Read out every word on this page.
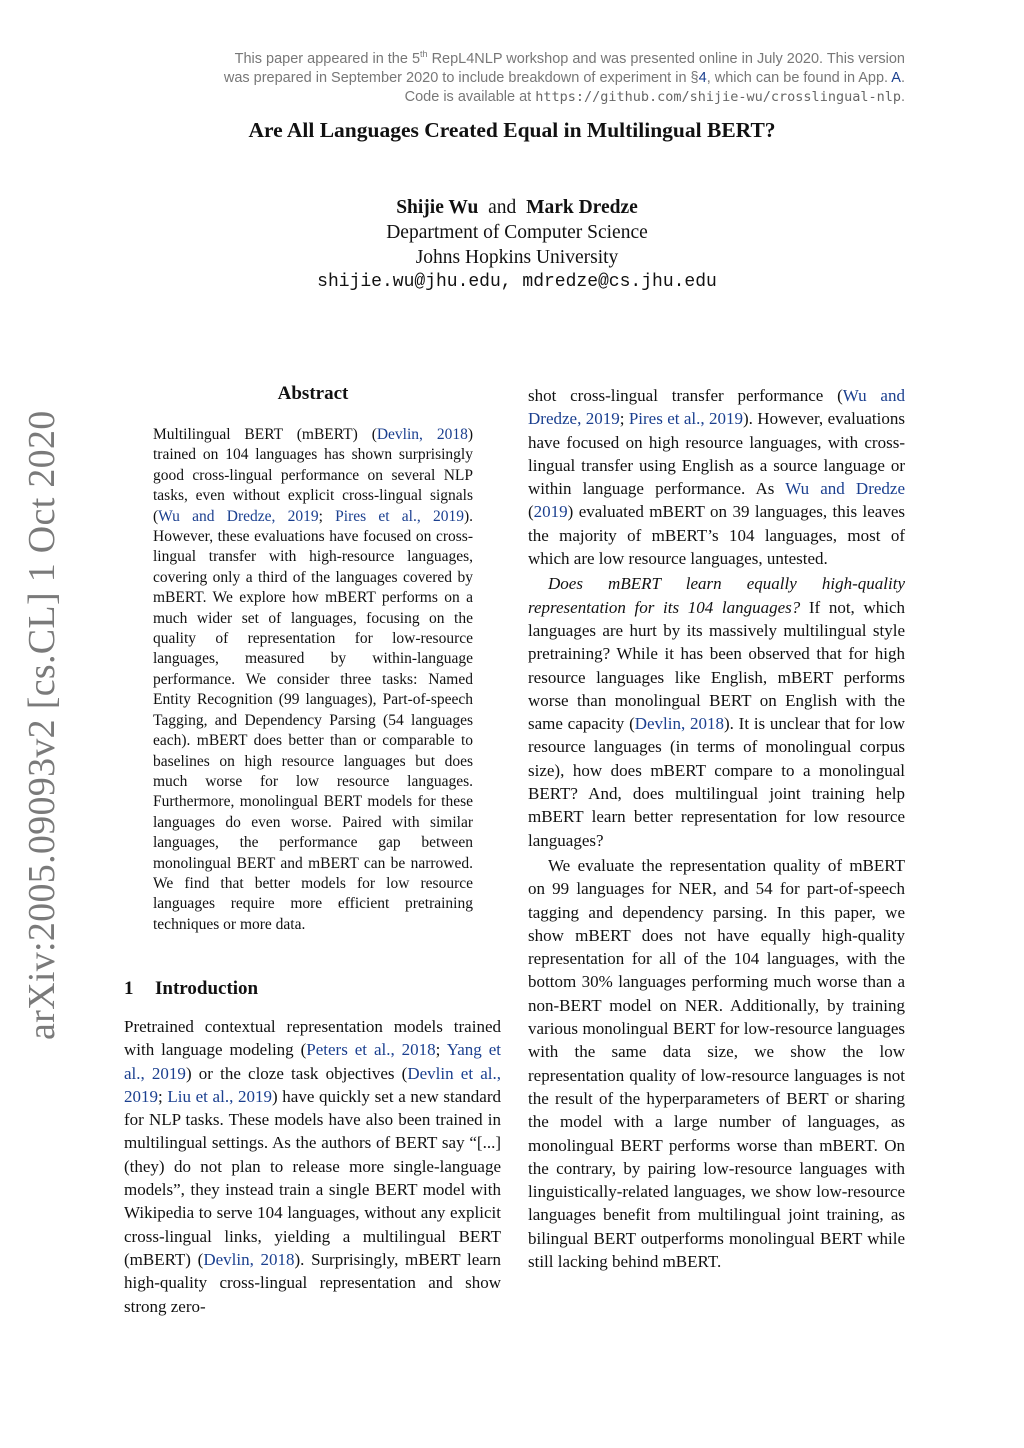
arXiv:2005.09093v2 [cs.CL] 1 Oct 2020
This paper appeared in the 5th RepL4NLP workshop and was presented online in July 2020. This version
was prepared in September 2020 to include breakdown of experiment in §4, which can be found in App. A.
Code is available at https://github.com/shijie-wu/crosslingual-nlp.
Are All Languages Created Equal in Multilingual BERT?
Shijie Wu and Mark Dredze
Department of Computer Science
Johns Hopkins University
shijie.wu@jhu.edu, mdredze@cs.jhu.edu
Abstract
Multilingual BERT (mBERT) (Devlin, 2018) trained on 104 languages has shown surprisingly good cross-lingual performance on several NLP tasks, even without explicit cross-lingual signals (Wu and Dredze, 2019; Pires et al., 2019). However, these evaluations have focused on cross-lingual transfer with high-resource languages, covering only a third of the languages covered by mBERT. We explore how mBERT performs on a much wider set of languages, focusing on the quality of representation for low-resource languages, measured by within-language performance. We consider three tasks: Named Entity Recognition (99 languages), Part-of-speech Tagging, and Dependency Parsing (54 languages each). mBERT does better than or comparable to baselines on high resource languages but does much worse for low resource languages. Furthermore, monolingual BERT models for these languages do even worse. Paired with similar languages, the performance gap between monolingual BERT and mBERT can be narrowed. We find that better models for low resource languages require more efficient pretraining techniques or more data.
1 Introduction

Pretrained contextual representation models trained with language modeling (Peters et al., 2018; Yang et al., 2019) or the cloze task objectives (Devlin et al., 2019; Liu et al., 2019) have quickly set a new standard for NLP tasks. These models have also been trained in multilingual settings. As the authors of BERT say “[...] (they) do not plan to release more single-language models”, they instead train a single BERT model with Wikipedia to serve 104 languages, without any explicit cross-lingual links, yielding a multilingual BERT (mBERT) (Devlin, 2018). Surprisingly, mBERT learn high-quality cross-lingual representation and show strong zero-

shot cross-lingual transfer performance (Wu and Dredze, 2019; Pires et al., 2019). However, evaluations have focused on high resource languages, with cross-lingual transfer using English as a source language or within language performance. As Wu and Dredze (2019) evaluated mBERT on 39 languages, this leaves the majority of mBERT’s 104 languages, most of which are low resource languages, untested.

Does mBERT learn equally high-quality representation for its 104 languages? If not, which languages are hurt by its massively multilingual style pretraining? While it has been observed that for high resource languages like English, mBERT performs worse than monolingual BERT on English with the same capacity (Devlin, 2018). It is unclear that for low resource languages (in terms of monolingual corpus size), how does mBERT compare to a monolingual BERT? And, does multilingual joint training help mBERT learn better representation for low resource languages?

We evaluate the representation quality of mBERT on 99 languages for NER, and 54 for part-of-speech tagging and dependency parsing. In this paper, we show mBERT does not have equally high-quality representation for all of the 104 languages, with the bottom 30% languages performing much worse than a non-BERT model on NER. Additionally, by training various monolingual BERT for low-resource languages with the same data size, we show the low representation quality of low-resource languages is not the result of the hyperparameters of BERT or sharing the model with a large number of languages, as monolingual BERT performs worse than mBERT. On the contrary, by pairing low-resource languages with linguistically-related languages, we show low-resource languages benefit from multilingual joint training, as bilingual BERT outperforms monolingual BERT while still lacking behind mBERT.
